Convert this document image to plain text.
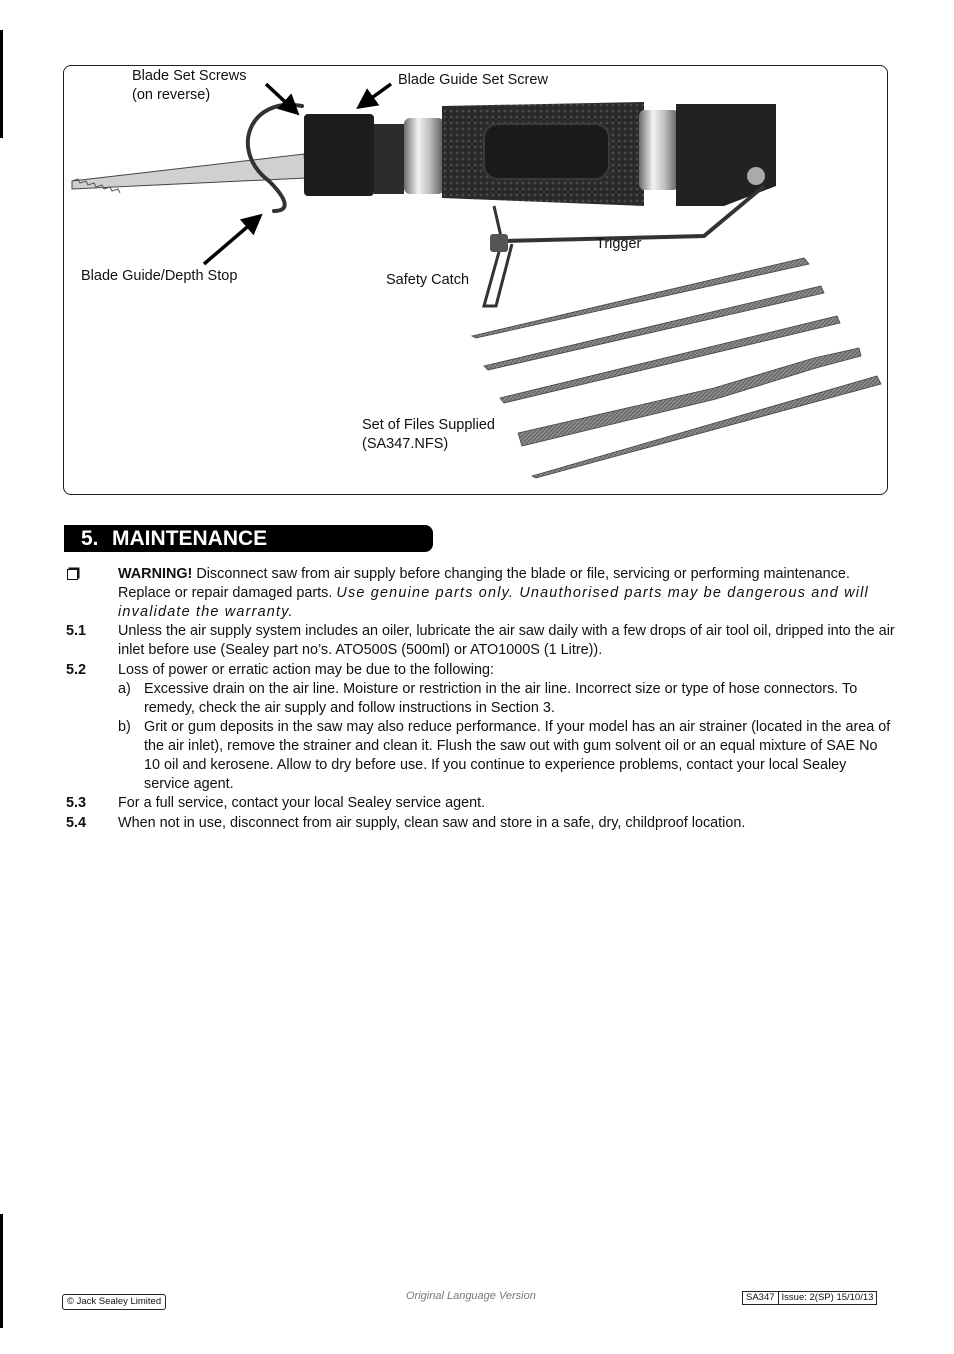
Blade Set Screws
(on reverse)
Blade Guide Set Screw
Trigger
Blade Guide/Depth Stop	Safety Catch
Set of Files Supplied
(SA347.NFS)
5. MAINTENANCE
WARNING! Disconnect saw from air supply before changing the blade or file, servicing or performing maintenance. Replace or repair damaged parts. Use genuine parts only. Unauthorised parts may be dangerous and will invalidate the warranty.
5.1 Unless the air supply system includes an oiler, lubricate the air saw daily with a few drops of air tool oil, dripped into the air inlet before use (Sealey part no’s. ATO500S (500ml) or ATO1000S (1 Litre)).
5.2 Loss of power or erratic action may be due to the following:
a) Excessive drain on the air line. Moisture or restriction in the air line. Incorrect size or type of hose connectors. To remedy, check the air supply and follow instructions in Section 3.
b) Grit or gum deposits in the saw may also reduce performance. If your model has an air strainer (located in the area of the air inlet), remove the strainer and clean it. Flush the saw out with gum solvent oil or an equal mixture of SAE No 10 oil and kerosene. Allow to dry before use. If you continue to experience problems, contact your local Sealey service agent.
5.3 For a full service, contact your local Sealey service agent.
5.4 When not in use, disconnect from air supply, clean saw and store in a safe, dry, childproof location.
© Jack Sealey Limited	Original Language Version	SA347 Issue: 2(SP) 15/10/13
